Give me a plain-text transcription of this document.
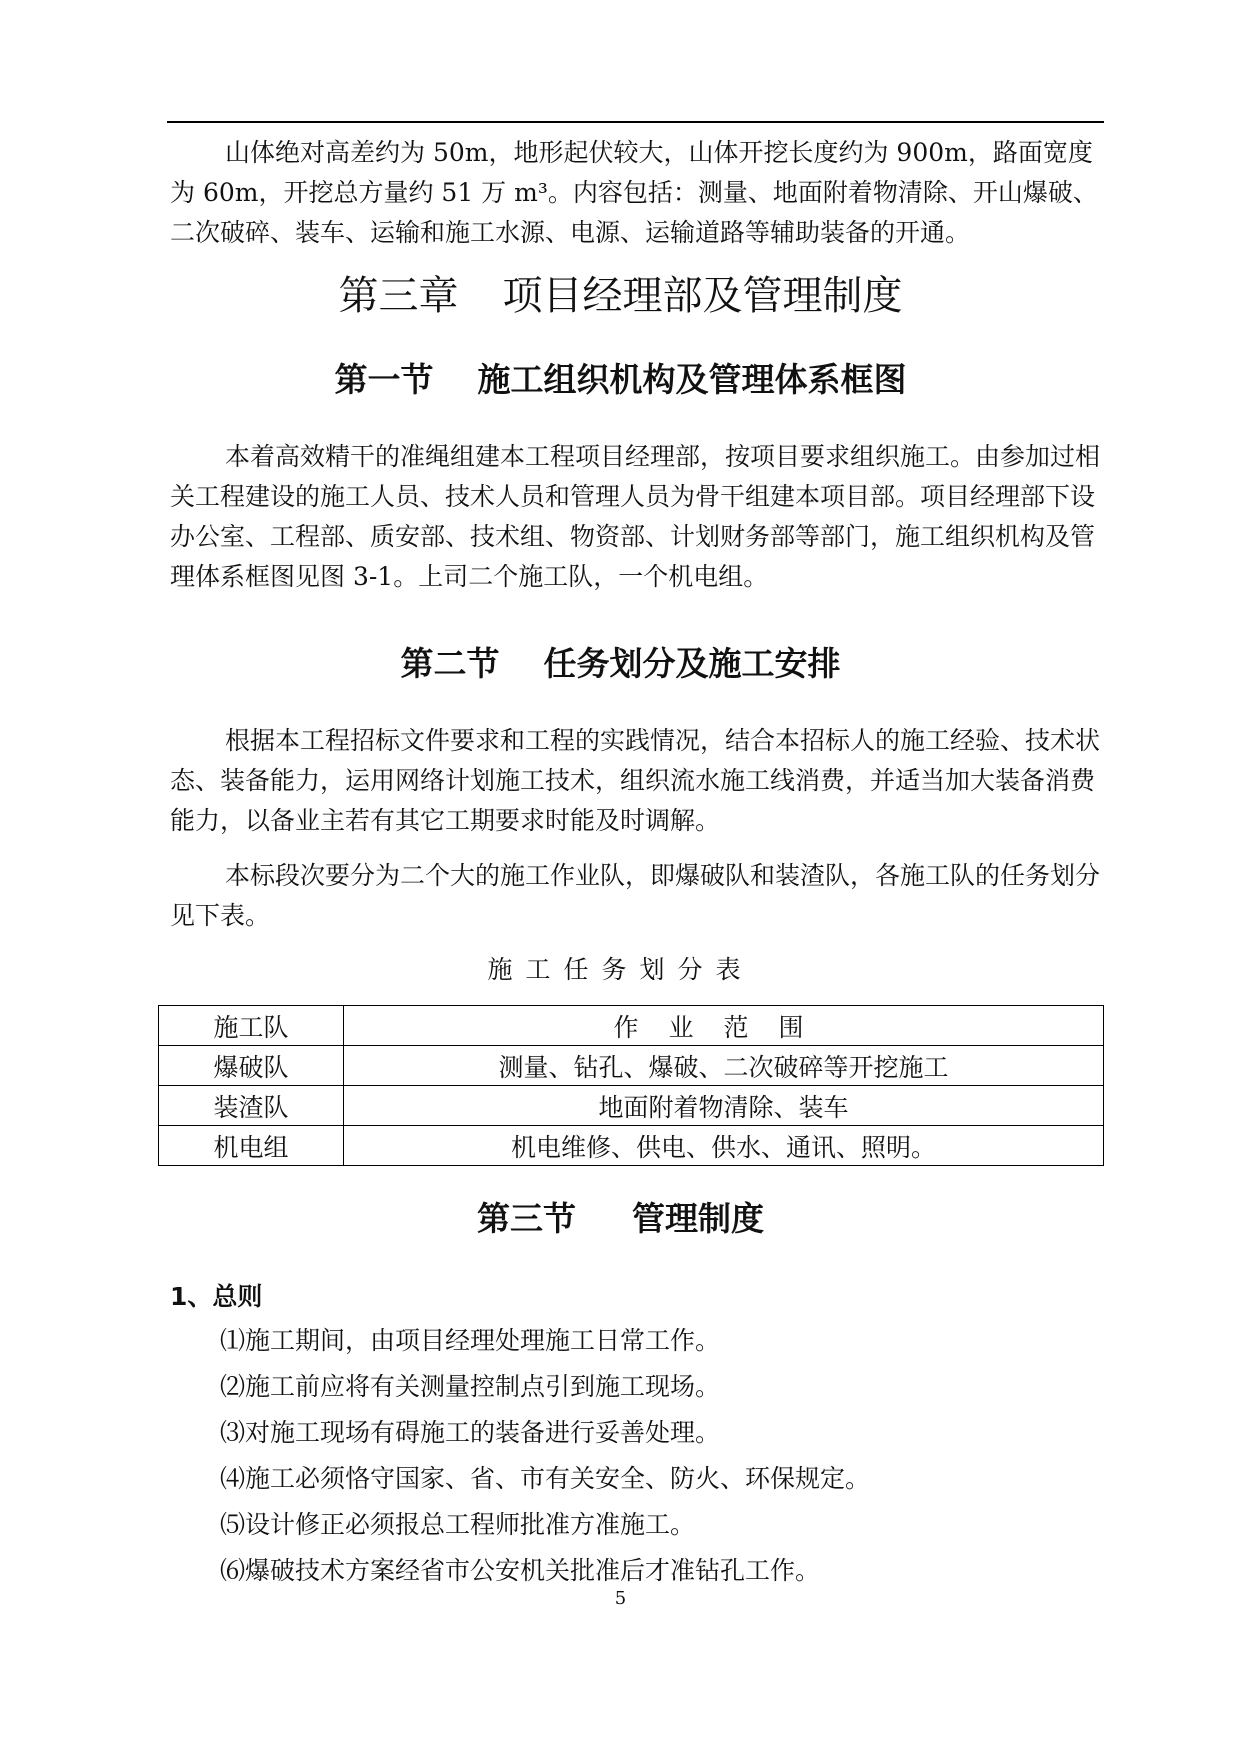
山体绝对高差约为 50m，地形起伏较大，山体开挖长度约为 900m，路面宽度
为 60m，开挖总方量约 51 万 m³。内容包括：测量、地面附着物清除、开山爆破、
二次破碎、装车、运输和施工水源、电源、运输道路等辅助装备的开通。

第三章 项目经理部及管理制度
第一节 施工组织机构及管理体系框图

本着高效精干的准绳组建本工程项目经理部，按项目要求组织施工。由参加过相关工程建设的施工人员、技术人员和管理人员为骨干组建本项目部。项目经理部下设办公室、工程部、质安部、技术组、物资部、计划财务部等部门，施工组织机构及管理体系框图见图 3-1。上司二个施工队，一个机电组。

第二节 任务划分及施工安排

根据本工程招标文件要求和工程的实践情况，结合本招标人的施工经验、技术状态、装备能力，运用网络计划施工技术，组织流水施工线消费，并适当加大装备消费能力，以备业主若有其它工期要求时能及时调解。

本标段次要分为二个大的施工作业队，即爆破队和装渣队，各施工队的任务划分见下表。

施工任务划分表
施工队	作业范围
爆破队	测量、钻孔、爆破、二次破碎等开挖施工
装渣队	地面附着物清除、装车
机电组	机电维修、供电、供水、通讯、照明。
第三节 管理制度
1、总则
⑴施工期间，由项目经理处理施工日常工作。
⑵施工前应将有关测量控制点引到施工现场。
⑶对施工现场有碍施工的装备进行妥善处理。
⑷施工必须恪守国家、省、市有关安全、防火、环保规定。
⑸设计修正必须报总工程师批准方准施工。
⑹爆破技术方案经省市公安机关批准后才准钻孔工作。
5
